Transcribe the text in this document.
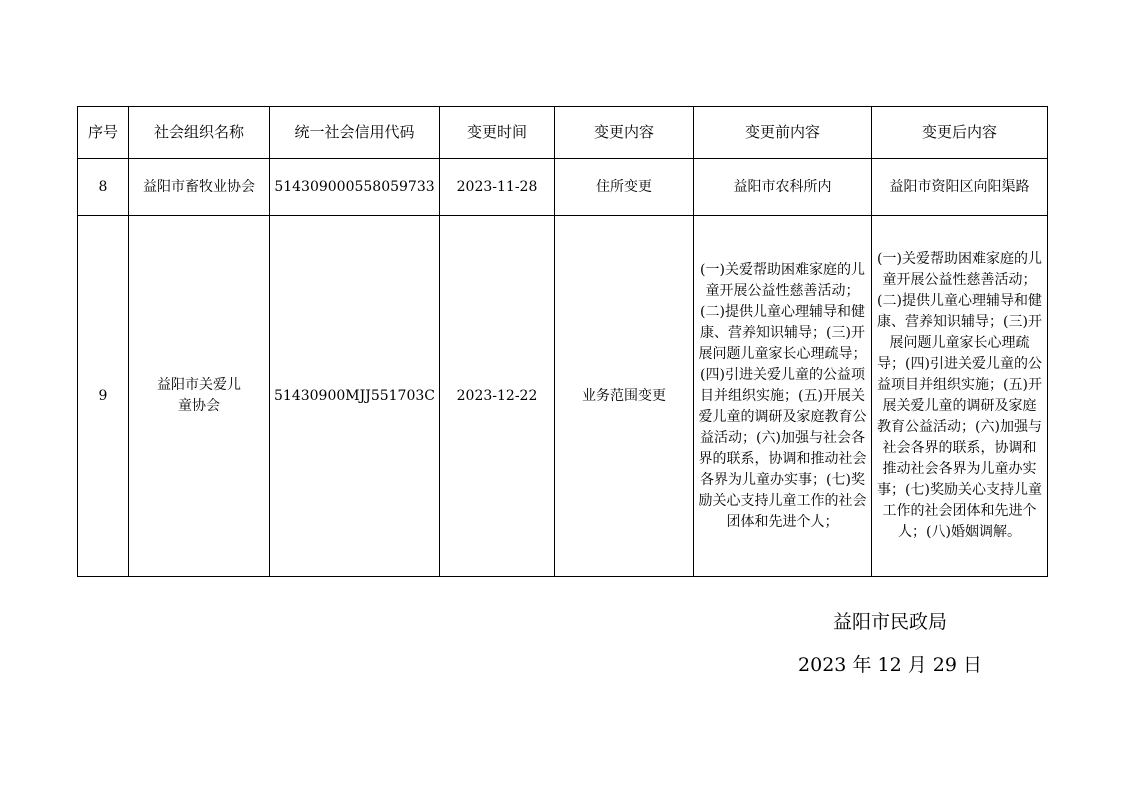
序号	社会组织名称	统一社会信用代码	变更时间	变更内容	变更前内容	变更后内容
8	益阳市畜牧业协会	514309000558059733	2023-11-28	住所变更	益阳市农科所内	益阳市资阳区向阳渠路
9	益阳市关爱儿童协会	51430900MJJ551703C	2023-12-22	业务范围变更	(一)关爱帮助困难家庭的儿童开展公益性慈善活动；(二)提供儿童心理辅导和健康、营养知识辅导；(三)开展问题儿童家长心理疏导；(四)引进关爱儿童的公益项目并组织实施；(五)开展关爱儿童的调研及家庭教育公益活动；(六)加强与社会各界的联系，协调和推动社会各界为儿童办实事；(七)奖励关心支持儿童工作的社会团体和先进个人；	(一)关爱帮助困难家庭的儿童开展公益性慈善活动；(二)提供儿童心理辅导和健康、营养知识辅导；(三)开展问题儿童家长心理疏导；(四)引进关爱儿童的公益项目并组织实施；(五)开展关爱儿童的调研及家庭教育公益活动；(六)加强与社会各界的联系，协调和推动社会各界为儿童办实事；(七)奖励关心支持儿童工作的社会团体和先进个人；(八)婚姻调解。
益阳市民政局
2023 年 12 月 29 日
